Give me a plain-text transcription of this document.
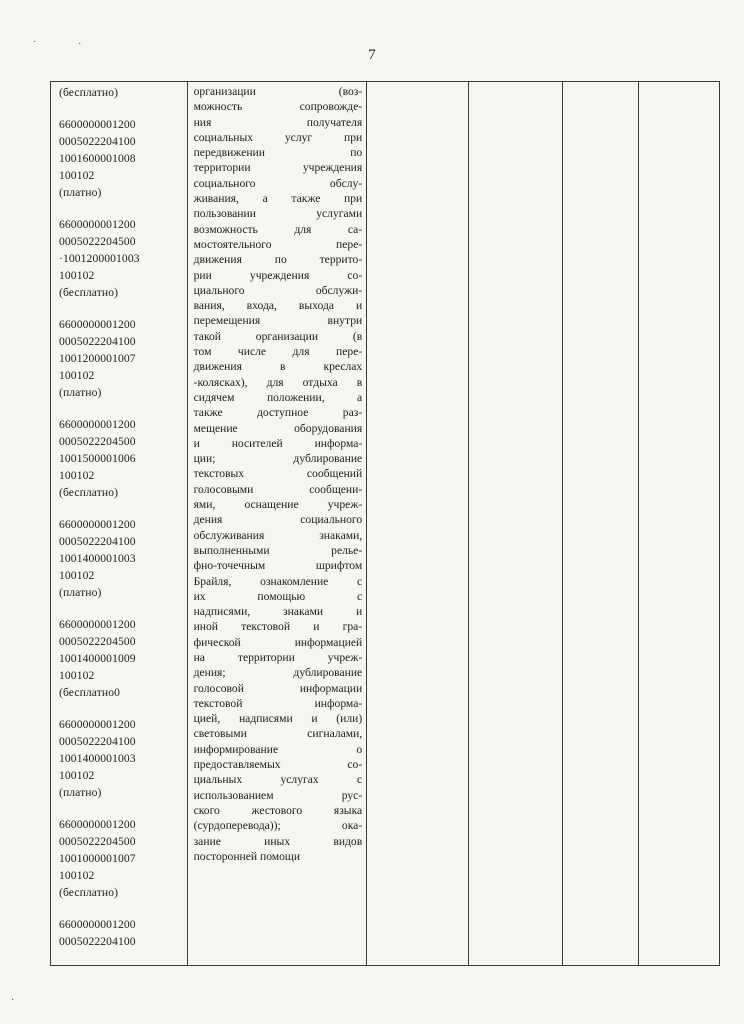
7
·	·
·
(бесплатно)
6600000001200
0005022204100
1001600001008
100102
(платно)
6600000001200
0005022204500
·1001200001003
100102
(бесплатно)
6600000001200
0005022204100
1001200001007
100102
(платно)
6600000001200
0005022204500
1001500001006
100102
(бесплатно)
6600000001200
0005022204100
1001400001003
100102
(платно)
6600000001200
0005022204500
1001400001009
100102
(бесплатно0
6600000001200
0005022204100
1001400001003
100102
(платно)
6600000001200
0005022204500
1001000001007
100102
(бесплатно)
6600000001200
0005022204100

организации (воз-
можность сопровожде-
ния получателя
социальных услуг при
передвижении по
территории учреждения
социального обслу-
живания, а также при
пользовании услугами
возможность для са-
мостоятельного пере-
движения по террито-
рии учреждения со-
циального обслужи-
вания, входа, выхода и
перемещения внутри
такой организации (в
том числе для пере-
движения в креслах
-колясках), для отдыха в
сидячем положении, а
также доступное раз-
мещение оборудования
и носителей информа-
ции; дублирование
текстовых сообщений
голосовыми сообщени-
ями, оснащение учреж-
дения социального
обслуживания знаками,
выполненными релье-
фно-точечным шрифтом
Брайля, ознакомление с
их помощью с
надписями, знаками и
иной текстовой и гра-
фической информацией
на территории учреж-
дения; дублирование
голосовой информации
текстовой информа-
цией, надписями и (или)
световыми сигналами,
информирование о
предоставляемых со-
циальных услугах с
использованием рус-
ского жестового языка
(сурдоперевода)); ока-
зание иных видов
посторонней помощи
